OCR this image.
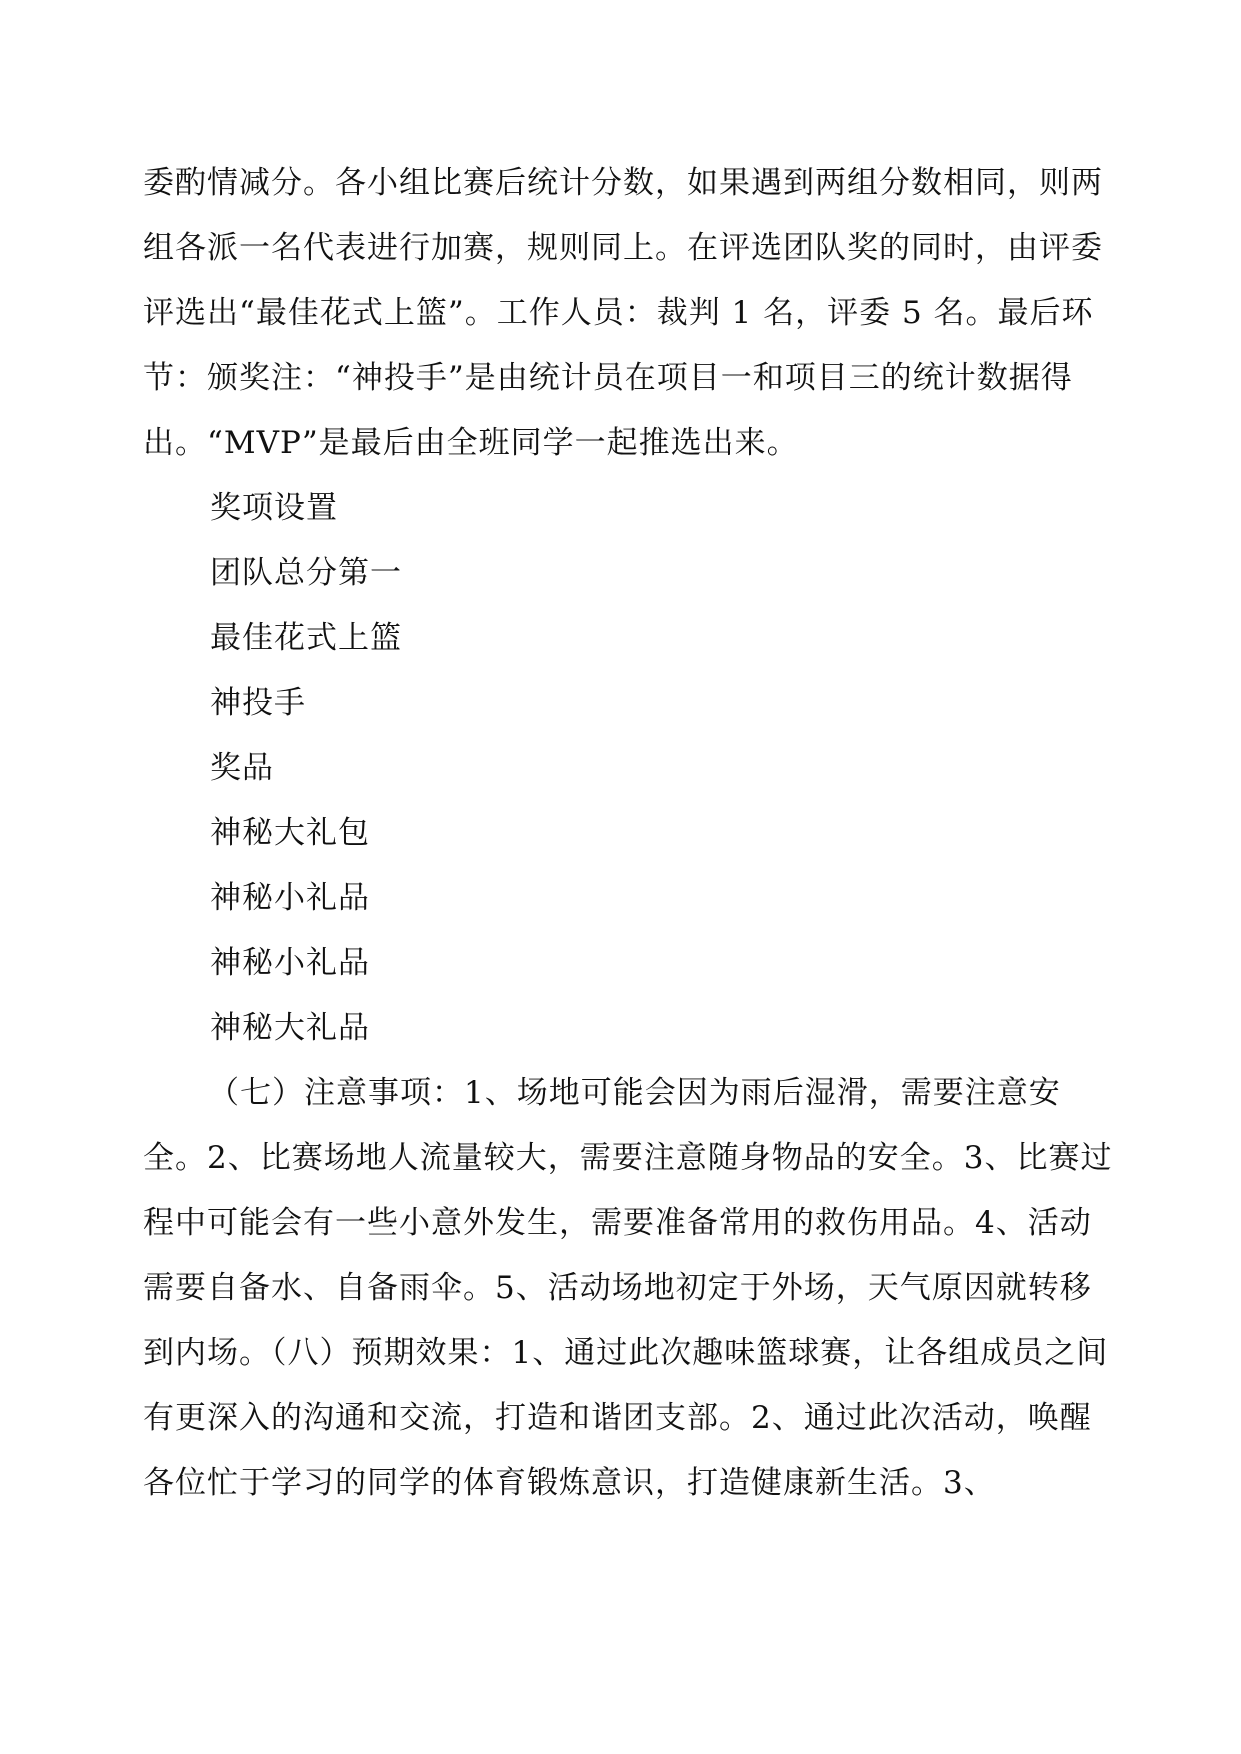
委酌情减分。各小组比赛后统计分数，如果遇到两组分数相同，则两组各派一名代表进行加赛，规则同上。在评选团队奖的同时，由评委评选出“最佳花式上篮”。工作人员：裁判 1 名，评委 5 名。最后环节：颁奖注：“神投手”是由统计员在项目一和项目三的统计数据得出。“MVP”是最后由全班同学一起推选出来。

奖项设置
团队总分第一
最佳花式上篮
神投手
奖品
神秘大礼包
神秘小礼品
神秘小礼品
神秘大礼品

（七）注意事项：1、场地可能会因为雨后湿滑，需要注意安全。2、比赛场地人流量较大，需要注意随身物品的安全。3、比赛过程中可能会有一些小意外发生，需要准备常用的救伤用品。4、活动需要自备水、自备雨伞。5、活动场地初定于外场，天气原因就转移到内场。（八）预期效果：1、通过此次趣味篮球赛，让各组成员之间有更深入的沟通和交流，打造和谐团支部。2、通过此次活动，唤醒各位忙于学习的同学的体育锻炼意识，打造健康新生活。3、
